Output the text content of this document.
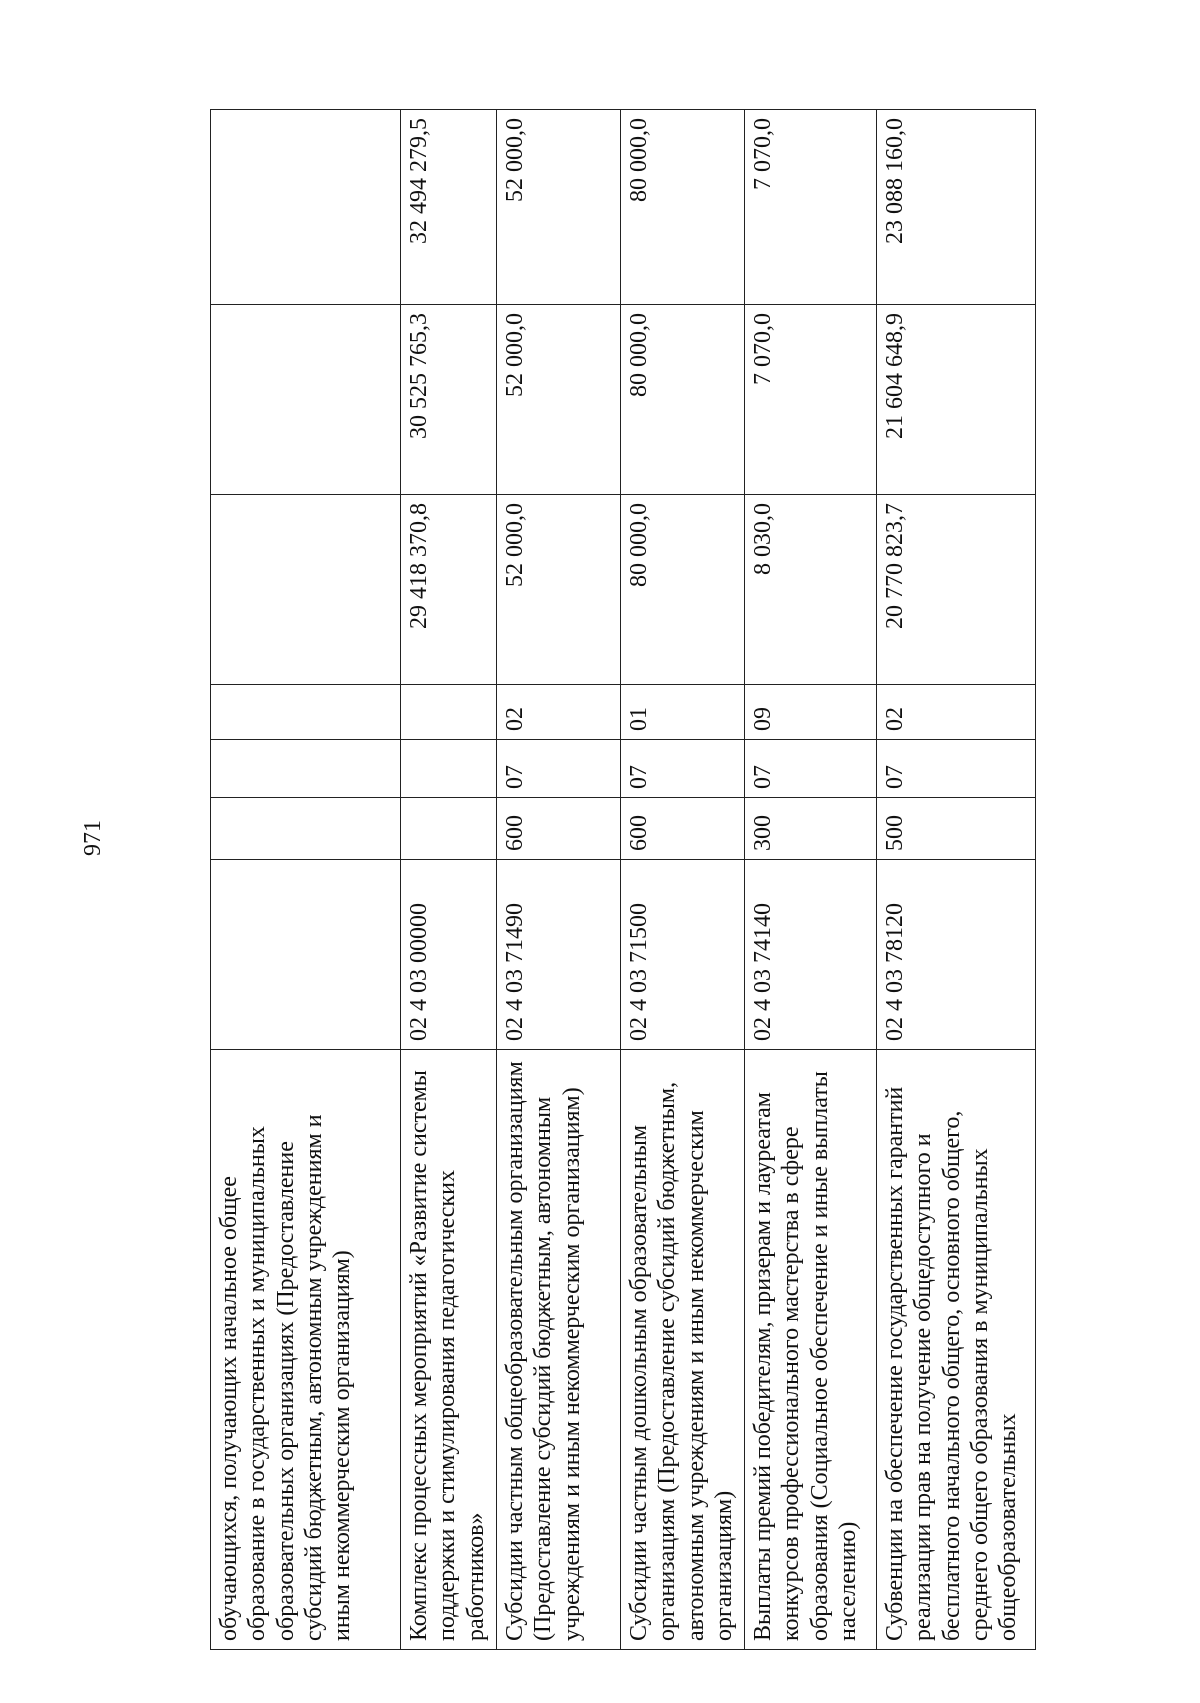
971
обучающихся, получающих начальное общее образование в государственных и муниципальных образовательных организациях (Предоставление субсидий бюджетным, автономным учреждениям и иным некоммерческим организациям)							
Комплекс процессных мероприятий «Развитие системы поддержки и стимулирования педагогических работников»	02 4 03 00000				29 418 370,8	30 525 765,3	32 494 279,5
Субсидии частным общеобразовательным организациям (Предоставление субсидий бюджетным, автономным учреждениям и иным некоммерческим организациям)	02 4 03 71490	600	07	02	52 000,0	52 000,0	52 000,0
Субсидии частным дошкольным образовательным организациям (Предоставление субсидий бюджетным, автономным учреждениям и иным некоммерческим организациям)	02 4 03 71500	600	07	01	80 000,0	80 000,0	80 000,0
Выплаты премий победителям, призерам и лауреатам конкурсов профессионального мастерства в сфере образования (Социальное обеспечение и иные выплаты населению)	02 4 03 74140	300	07	09	8 030,0	7 070,0	7 070,0
Субвенции на обеспечение государственных гарантий реализации прав на получение общедоступного и бесплатного начального общего, основного общего, среднего общего образования в муниципальных общеобразовательных	02 4 03 78120	500	07	02	20 770 823,7	21 604 648,9	23 088 160,0
